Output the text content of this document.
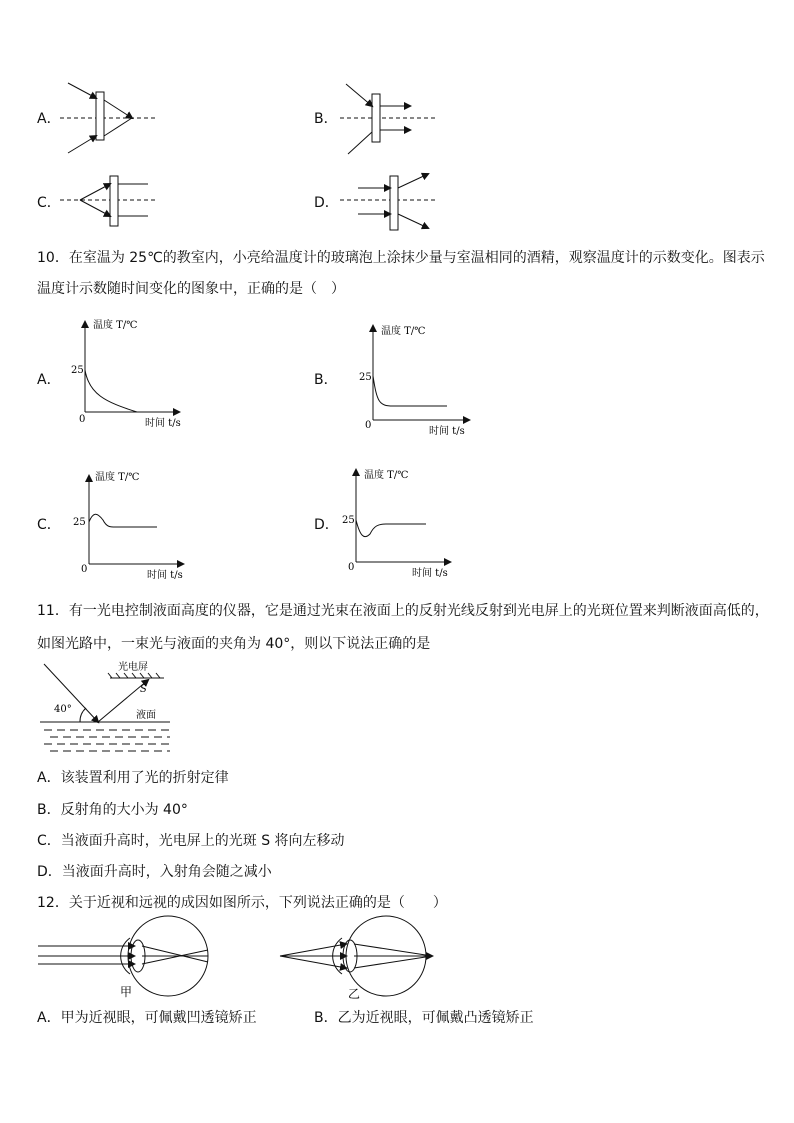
A．	B．
C．	D．
10．在室温为 25℃的教室内，小亮给温度计的玻璃泡上涂抹少量与室温相同的酒精，观察温度计的示数变化。图表示
温度计示数随时间变化的图象中，正确的是（　）
A．
温度 T/℃
25
0	时间 t/s
B．
温度 T/℃
25
0
时间 t/s
C．
温度 T/℃
25
0
时间 t/s
D．
温度 T/℃
25
0
时间 t/s
11．有一光电控制液面高度的仪器，它是通过光束在液面上的反射光线反射到光电屏上的光斑位置来判断液面高低的，
如图光路中，一束光与液面的夹角为 40°，则以下说法正确的是
光电屏
S
40°
液面
A．该装置利用了光的折射定律
B．反射角的大小为 40°
C．当液面升高时，光电屏上的光斑 S 将向左移动
D．当液面升高时，入射角会随之减小
12．关于近视和远视的成因如图所示，下列说法正确的是（　　）
甲	乙
A．甲为近视眼，可佩戴凹透镜矫正	B．乙为近视眼，可佩戴凸透镜矫正
